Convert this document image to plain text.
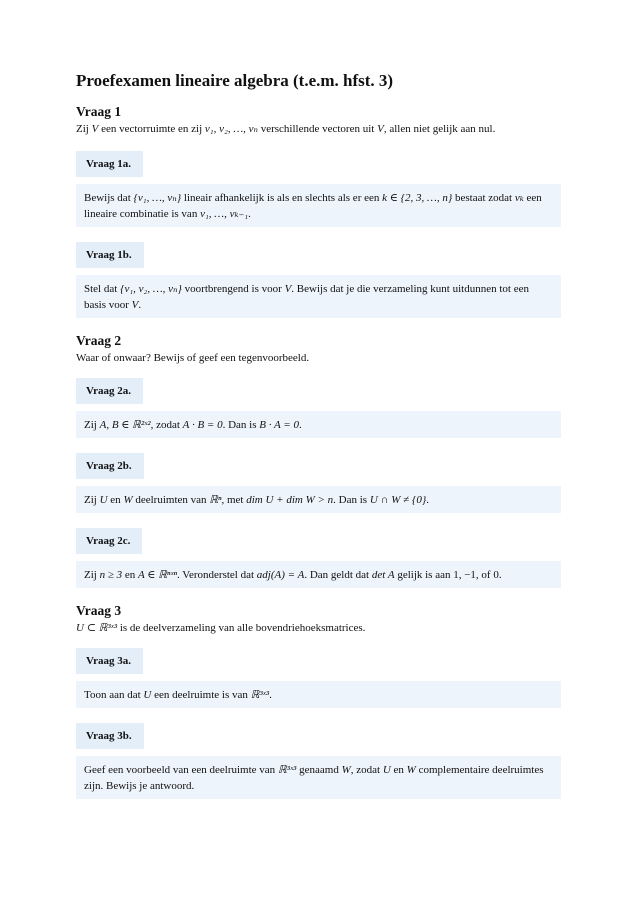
Proefexamen lineaire algebra (t.e.m. hfst. 3)
Vraag 1

Zij V een vectorruimte en zij v₁, v₂, …, vₙ verschillende vectoren uit V, allen niet gelijk aan nul.

Vraag 1a.
Bewijs dat {v₁, …, vₙ} lineair afhankelijk is als en slechts als er een k ∈ {2, 3, …, n} bestaat zodat vₖ een lineaire combinatie is van v₁, …, vₖ₋₁.
Vraag 1b.
Stel dat {v₁, v₂, …, vₙ} voortbrengend is voor V. Bewijs dat je die verzameling kunt uitdunnen tot een basis voor V.
Vraag 2

Waar of onwaar? Bewijs of geef een tegenvoorbeeld.

Vraag 2a.
Zij A, B ∈ ℝ²ˣ², zodat A · B = 0. Dan is B · A = 0.
Vraag 2b.
Zij U en W deelruimten van ℝⁿ, met dim U + dim W > n. Dan is U ∩ W ≠ {0}.
Vraag 2c.
Zij n ≥ 3 en A ∈ ℝⁿˣⁿ. Veronderstel dat adj(A) = A. Dan geldt dat det A gelijk is aan 1, −1, of 0.
Vraag 3

U ⊂ ℝ³ˣ³ is de deelverzameling van alle bovendriehoeksmatrices.

Vraag 3a.
Toon aan dat U een deelruimte is van ℝ³ˣ³.
Vraag 3b.
Geef een voorbeeld van een deelruimte van ℝ³ˣ³ genaamd W, zodat U en W complementaire deelruimtes zijn. Bewijs je antwoord.
